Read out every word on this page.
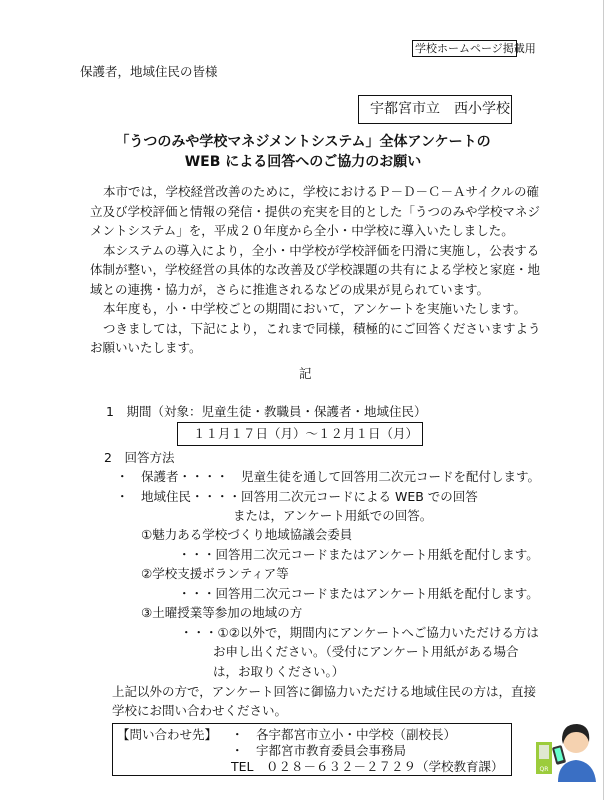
学校ホームページ掲載用
保護者，地域住民の皆様
宇都宮市立　西小学校
「うつのみや学校マネジメントシステム」全体アンケートの
WEB による回答へのご協力のお願い
本市では，学校経営改善のために，学校におけるＰ－Ｄ－Ｃ－Ａサイクルの確
立及び学校評価と情報の発信・提供の充実を目的とした「うつのみや学校マネジ
メントシステム」を，平成２０年度から全小・中学校に導入いたしました。
本システムの導入により，全小・中学校が学校評価を円滑に実施し，公表する
体制が整い，学校経営の具体的な改善及び学校課題の共有による学校と家庭・地
域との連携・協力が，さらに推進されるなどの成果が見られています。
本年度も，小・中学校ごとの期間において，アンケートを実施いたします。
つきましては，下記により，これまで同様，積極的にご回答くださいますよう
お願いいたします。
記
1　期間（対象：児童生徒・教職員・保護者・地域住民）
１１月１７日（月）～１２月１日（月）
2　回答方法
・　保護者・・・・　児童生徒を通して回答用二次元コードを配付します。
・　地域住民・・・・回答用二次元コードによる WEB での回答
または，アンケート用紙での回答。
①魅力ある学校づくり地域協議会委員
・・・回答用二次元コードまたはアンケート用紙を配付します。
②学校支援ボランティア等
・・・回答用二次元コードまたはアンケート用紙を配付します。
③土曜授業等参加の地域の方
・・・①②以外で，期間内にアンケートへご協力いただける方は
お申し出ください。（受付にアンケート用紙がある場合
は，お取りください。）
上記以外の方で，アンケート回答に御協力いただける地域住民の方は，直接
学校にお問い合わせください。
【問い合わせ先】 ・　各宇都宮市立小・中学校（副校長）
・　宇都宮市教育委員会事務局
TEL　０２８－６３２－２７２９（学校教育課）	QR
